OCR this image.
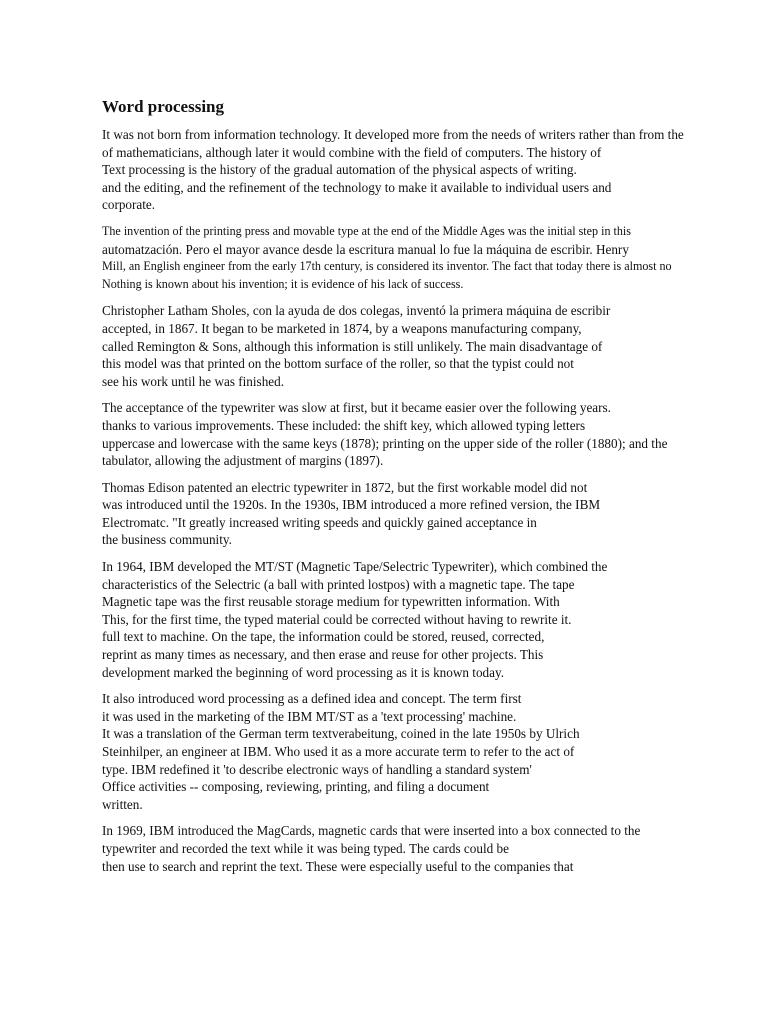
Word processing
It was not born from information technology. It developed more from the needs of writers rather than from the
of mathematicians, although later it would combine with the field of computers. The history of
Text processing is the history of the gradual automation of the physical aspects of writing.
and the editing, and the refinement of the technology to make it available to individual users and
corporate.
The invention of the printing press and movable type at the end of the Middle Ages was the initial step in this
automatzación. Pero el mayor avance desde la escritura manual lo fue la máquina de escribir. Henry
Mill, an English engineer from the early 17th century, is considered its inventor. The fact that today there is almost no
Nothing is known about his invention; it is evidence of his lack of success.
Christopher Latham Sholes, con la ayuda de dos colegas, inventó la primera máquina de escribir
accepted, in 1867. It began to be marketed in 1874, by a weapons manufacturing company,
called Remington & Sons, although this information is still unlikely. The main disadvantage of
this model was that printed on the bottom surface of the roller, so that the typist could not
see his work until he was finished.
The acceptance of the typewriter was slow at first, but it became easier over the following years.
thanks to various improvements. These included: the shift key, which allowed typing letters
uppercase and lowercase with the same keys (1878); printing on the upper side of the roller (1880); and the
tabulator, allowing the adjustment of margins (1897).
Thomas Edison patented an electric typewriter in 1872, but the first workable model did not
was introduced until the 1920s. In the 1930s, IBM introduced a more refined version, the IBM
Electromatc. "It greatly increased writing speeds and quickly gained acceptance in
the business community.
In 1964, IBM developed the MT/ST (Magnetic Tape/Selectric Typewriter), which combined the
characteristics of the Selectric (a ball with printed lostpos) with a magnetic tape. The tape
Magnetic tape was the first reusable storage medium for typewritten information. With
This, for the first time, the typed material could be corrected without having to rewrite it.
full text to machine. On the tape, the information could be stored, reused, corrected,
reprint as many times as necessary, and then erase and reuse for other projects. This
development marked the beginning of word processing as it is known today.
It also introduced word processing as a defined idea and concept. The term first
it was used in the marketing of the IBM MT/ST as a 'text processing' machine.
It was a translation of the German term textverabeitung, coined in the late 1950s by Ulrich
Steinhilper, an engineer at IBM. Who used it as a more accurate term to refer to the act of
type. IBM redefined it 'to describe electronic ways of handling a standard system'
Office activities -- composing, reviewing, printing, and filing a document
written.
In 1969, IBM introduced the MagCards, magnetic cards that were inserted into a box connected to the
typewriter and recorded the text while it was being typed. The cards could be
then use to search and reprint the text. These were especially useful to the companies that
